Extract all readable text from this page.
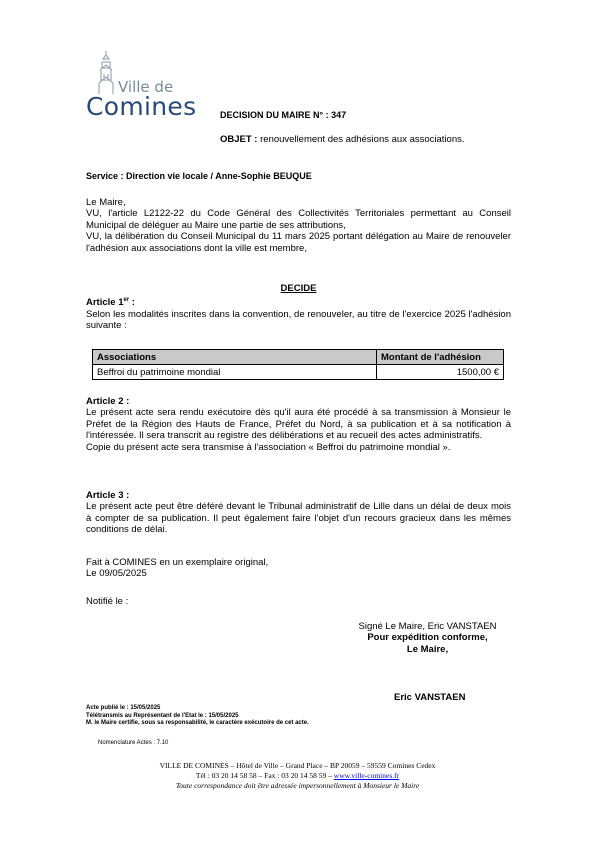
Ville de
Comines	DECISION DU MAIRE N° : 347
OBJET : renouvellement des adhésions aux associations.
Service : Direction vie locale / Anne-Sophie BEUQUE
Le Maire,
VU, l'article L2122-22 du Code Général des Collectivités Territoriales permettant au Conseil Municipal de déléguer au Maire une partie de ses attributions,
VU, la délibération du Conseil Municipal du 11 mars 2025 portant délégation au Maire de renouveler l'adhésion aux associations dont la ville est membre,
DECIDE
Article 1er :
Selon les modalités inscrites dans la convention, de renouveler, au titre de l'exercice 2025 l'adhésion suivante :
Associations	Montant de l'adhésion
Beffroi du patrimoine mondial	1500,00 €
Article 2 :
Le présent acte sera rendu exécutoire dès qu'il aura été procédé à sa transmission à Monsieur le Préfet de la Région des Hauts de France, Préfet du Nord, à sa publication et à sa notification à l'intéressée. Il sera transcrit au registre des délibérations et au recueil des actes administratifs.
Copie du présent acte sera transmise à l'association « Beffroi du patrimoine mondial ».
Article 3 :
Le présent acte peut être déféré devant le Tribunal administratif de Lille dans un délai de deux mois à compter de sa publication. Il peut également faire l'objet d'un recours gracieux dans les mêmes conditions de délai.
Fait à COMINES en un exemplaire original,
Le 09/05/2025
Notifié le :
Signé Le Maire, Eric VANSTAEN
Pour expédition conforme,
Le Maire,
Eric VANSTAEN
Acte publié le : 15/05/2025
Télétransmis au Représentant de l'Etat le : 15/05/2025
M. le Maire certifie, sous sa responsabilité, le caractère exécutoire de cet acte.
Nomenclature Actes : 7.10
VILLE DE COMINES – Hôtel de Ville – Grand Place – BP 20059 – 59559 Comines Cedex
Tél : 03 20 14 58 58 – Fax : 03 20 14 58 59 – www.ville-comines.fr
Toute correspondance doit être adressée impersonnellement à Monsieur le Maire
